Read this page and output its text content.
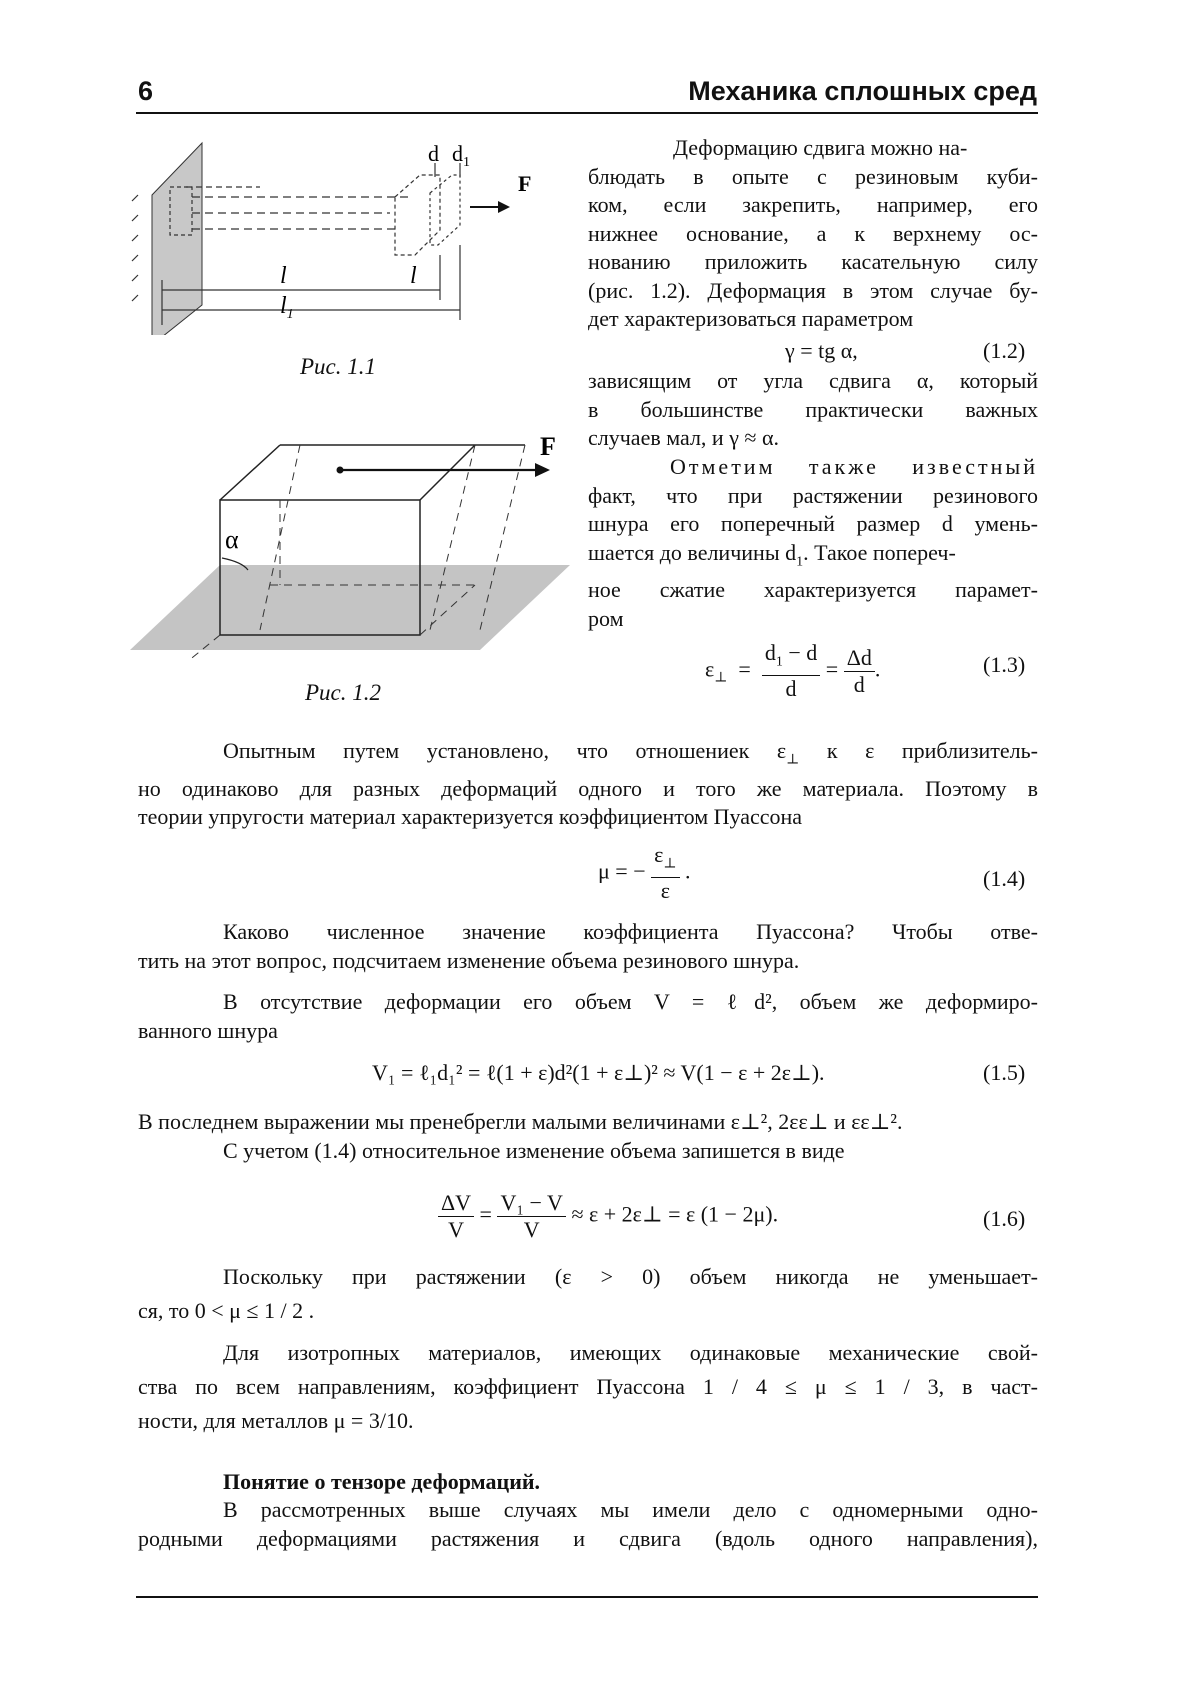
6	Механика сплошных сред
l
l
$l_1$
d $d_1$
F
Рис. 1.1
F
α
Рис. 1.2

Деформацию сдвига можно на-

блюдать в опыте с резиновым куби-

ком, если закрепить, например, его

нижнее основание, а к верхнему ос-

нованию приложить касательную силу

(рис. 1.2). Деформация в этом случае бу-

дет характеризоваться параметром

γ = tg α,	(1.2)

зависящим от угла сдвига α, который

в большинстве практически важных

случаев мал, и γ ≈ α.

Отметим также известный

факт, что при растяжении резинового

шнура его поперечный размер d умень-

шается до величины $d_1$. Такое попереч-

ное сжатие характеризуется парамет-

ром

$\varepsilon_\perp = \frac{d_1 - d}{d} = \frac{\Delta d}{d}$ .	(1.3)

Опытным путем установлено, что отношениек $\varepsilon_\perp$ к ε приблизитель-

но одинаково для разных деформаций одного и того же материала. Поэтому в

теории упругости материал характеризуется коэффициентом Пуассона

μ = − $\frac{\varepsilon_\perp}{\varepsilon}$ .	(1.4)

Каково численное значение коэффициента Пуассона? Чтобы отве-

тить на этот вопрос, подсчитаем изменение объема резинового шнура.

В отсутствие деформации его объем V = ℓd², объем же деформиро-

ванного шнура

V₁ = ℓ₁d₁² = ℓ(1 + ε)d²(1 + ε⊥)² ≈ V(1 − ε + 2ε⊥).	(1.5)

В последнем выражении мы пренебрегли малыми величинами ε⊥², 2εε⊥ и εε⊥².

С учетом (1.4) относительное изменение объема запишется в виде

$\frac{\Delta V}{V} = \frac{\text{V₁ − V}}{V} \approx \varepsilon$ + 2ε⊥ = ε (1 − 2μ).	(1.6)

Поскольку при растяжении (ε > 0) объем никогда не уменьшает-

ся, то 0 < μ ≤ 1 / 2 .

Для изотропных материалов, имеющих одинаковые механические свой-

ства по всем направлениям, коэффициент Пуассона 1 / 4 ≤ μ ≤ 1 / 3, в част-

ности, для металлов μ = 3/10.

Понятие о тензоре деформаций.

В рассмотренных выше случаях мы имели дело с одномерными одно-

родными деформациями растяжения и сдвига (вдоль одного направления),
